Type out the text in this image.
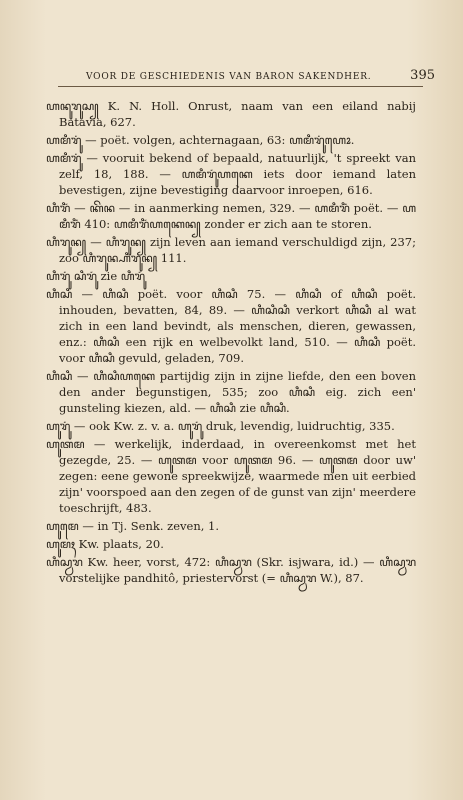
VOOR DE GESCHIEDENIS VAN BARON SAKENDHER.	395

ꦲꦤꦸꦫꦸꦱ꧀ K. N. Holl. Onrust, naam van een eiland nabij Batavia, 627.

ꦲꦩꦶꦫꦸꦁ — poët. volgen, achternagaan, 63: ꦲꦩꦶꦫꦸꦁꦲꦺꦴ.

ꦲꦩꦶꦫꦸꦁ — vooruit bekend of bepaald, natuurlijk, 't spreekt van zelf, 18, 188. — ꦲꦩꦶꦫꦸꦁꦲꦏꦺ iets door iemand laten bevestigen, zijne bevestiging daarvoor inroepen, 616.

ꦲꦶꦫꦶꦁ — ꦏꦼꦤ — in aanmerking nemen, 329. — ꦲꦩꦶꦫꦶꦁ poët. — ꦲꦩꦶꦫꦶꦁ 410: ꦲꦩꦶꦫꦶꦁꦲꦏꦺꦤ꧀ zonder er zich aan te storen.

ꦲꦶꦫꦸꦤ꧀ — ꦲꦶꦫꦸꦤ꧀ zijn leven aan iemand verschuldigd zijn, 237; zoo ꦲꦶꦫꦸꦤ꧀ꦲꦶꦫꦸꦤ꧀ 111.

ꦲꦶꦫꦸꦁ ꦱꦶꦫꦸꦁ zie ꦲꦶꦫꦸꦁ

ꦲꦶꦱꦶ — ꦲꦶꦱꦶ poët. voor ꦲꦶꦱꦶ 75. — ꦲꦶꦱꦶ of ꦲꦶꦱꦶ poët. inhouden, bevatten, 84, 89. — ꦲꦶꦱꦶꦱꦶ verkort ꦲꦶꦱꦶ al wat zich in een land bevindt, als menschen, dieren, gewassen, enz.: ꦲꦶꦱꦶ een rijk en welbevolkt land, 510. — ꦲꦶꦱꦶ poët. voor ꦲꦶꦱꦶ gevuld, geladen, 709.

ꦲꦶꦱꦶ — ꦲꦶꦱꦶꦲꦏꦺ partijdig zijn in zijne liefde, den een boven den ander begunstigen, 535; zoo ꦲꦶꦱꦶ eig. zich een' gunsteling kiezen, ald. — ꦲꦶꦱꦶ zie ꦲꦶꦱꦶ.

ꦲꦸꦫꦸꦁ — ook Kw. z. v. a. ꦲꦸꦫꦸꦁ druk, levendig, luidruchtig, 335.

ꦲꦸꦠꦩ — werkelijk, inderdaad, in overeenkomst met het gezegde, 25. — ꦲꦸꦠꦩ voor ꦲꦸꦠꦩ 96. — ꦲꦸꦠꦩ door uw' zegen: eene gewone spreekwijze, waarmede men uit eerbied zijn' voorspoed aan den zegen of de gunst van zijn' meerdere toeschrijft, 483.

ꦲꦸꦩꦺ — in Tj. Senk. zeven, 1.

ꦲꦸꦩꦃ Kw. plaats, 20.

ꦲꦶꦱ꧀ꦮꦫ Kw. heer, vorst, 472: ꦲꦶꦱ꧀ꦮꦫ (Skr. isjwara, id.) — ꦲꦶꦱ꧀ꦮꦫ vorstelijke pandhitô, priestervorst (= ꦲꦶꦱ꧀ꦮꦫ W.), 87.
